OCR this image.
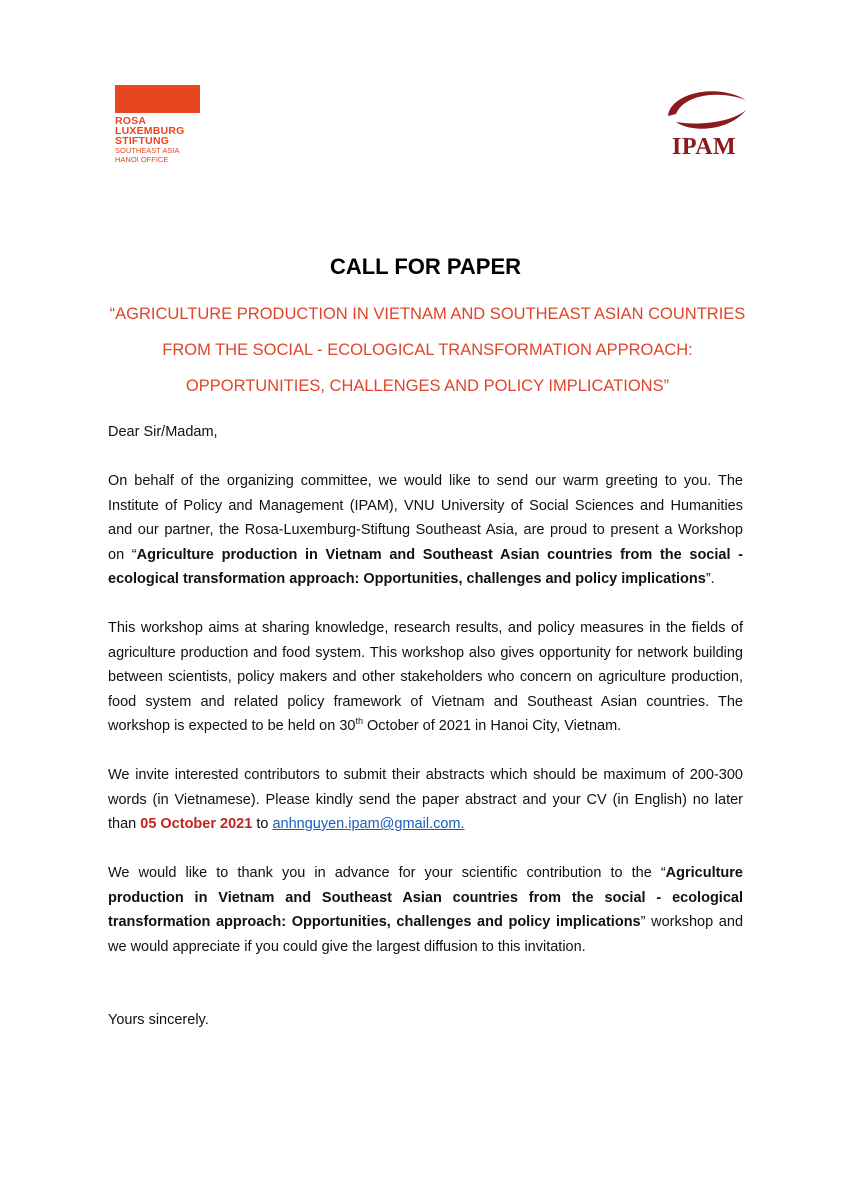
ROSA
LUXEMBURG
STIFTUNG
SOUTHEAST ASIA
HANOI OFFICE	IPAM
CALL FOR PAPER
“AGRICULTURE PRODUCTION IN VIETNAM AND SOUTHEAST ASIAN COUNTRIES
FROM THE SOCIAL - ECOLOGICAL TRANSFORMATION APPROACH:
OPPORTUNITIES, CHALLENGES AND POLICY IMPLICATIONS”

Dear Sir/Madam,

On behalf of the organizing committee, we would like to send our warm greeting to you. The Institute of Policy and Management (IPAM), VNU University of Social Sciences and Humanities and our partner, the Rosa-Luxemburg-Stiftung Southeast Asia, are proud to present a Workshop on “Agriculture production in Vietnam and Southeast Asian countries from the social - ecological transformation approach: Opportunities, challenges and policy implications”.

This workshop aims at sharing knowledge, research results, and policy measures in the fields of agriculture production and food system. This workshop also gives opportunity for network building between scientists, policy makers and other stakeholders who concern on agriculture production, food system and related policy framework of Vietnam and Southeast Asian countries. The workshop is expected to be held on 30th October of 2021 in Hanoi City, Vietnam.

We invite interested contributors to submit their abstracts which should be maximum of 200-300 words (in Vietnamese). Please kindly send the paper abstract and your CV (in English) no later than 05 October 2021 to anhnguyen.ipam@gmail.com.

We would like to thank you in advance for your scientific contribution to the “Agriculture production in Vietnam and Southeast Asian countries from the social - ecological transformation approach: Opportunities, challenges and policy implications” workshop and we would appreciate if you could give the largest diffusion to this invitation.

Yours sincerely.
